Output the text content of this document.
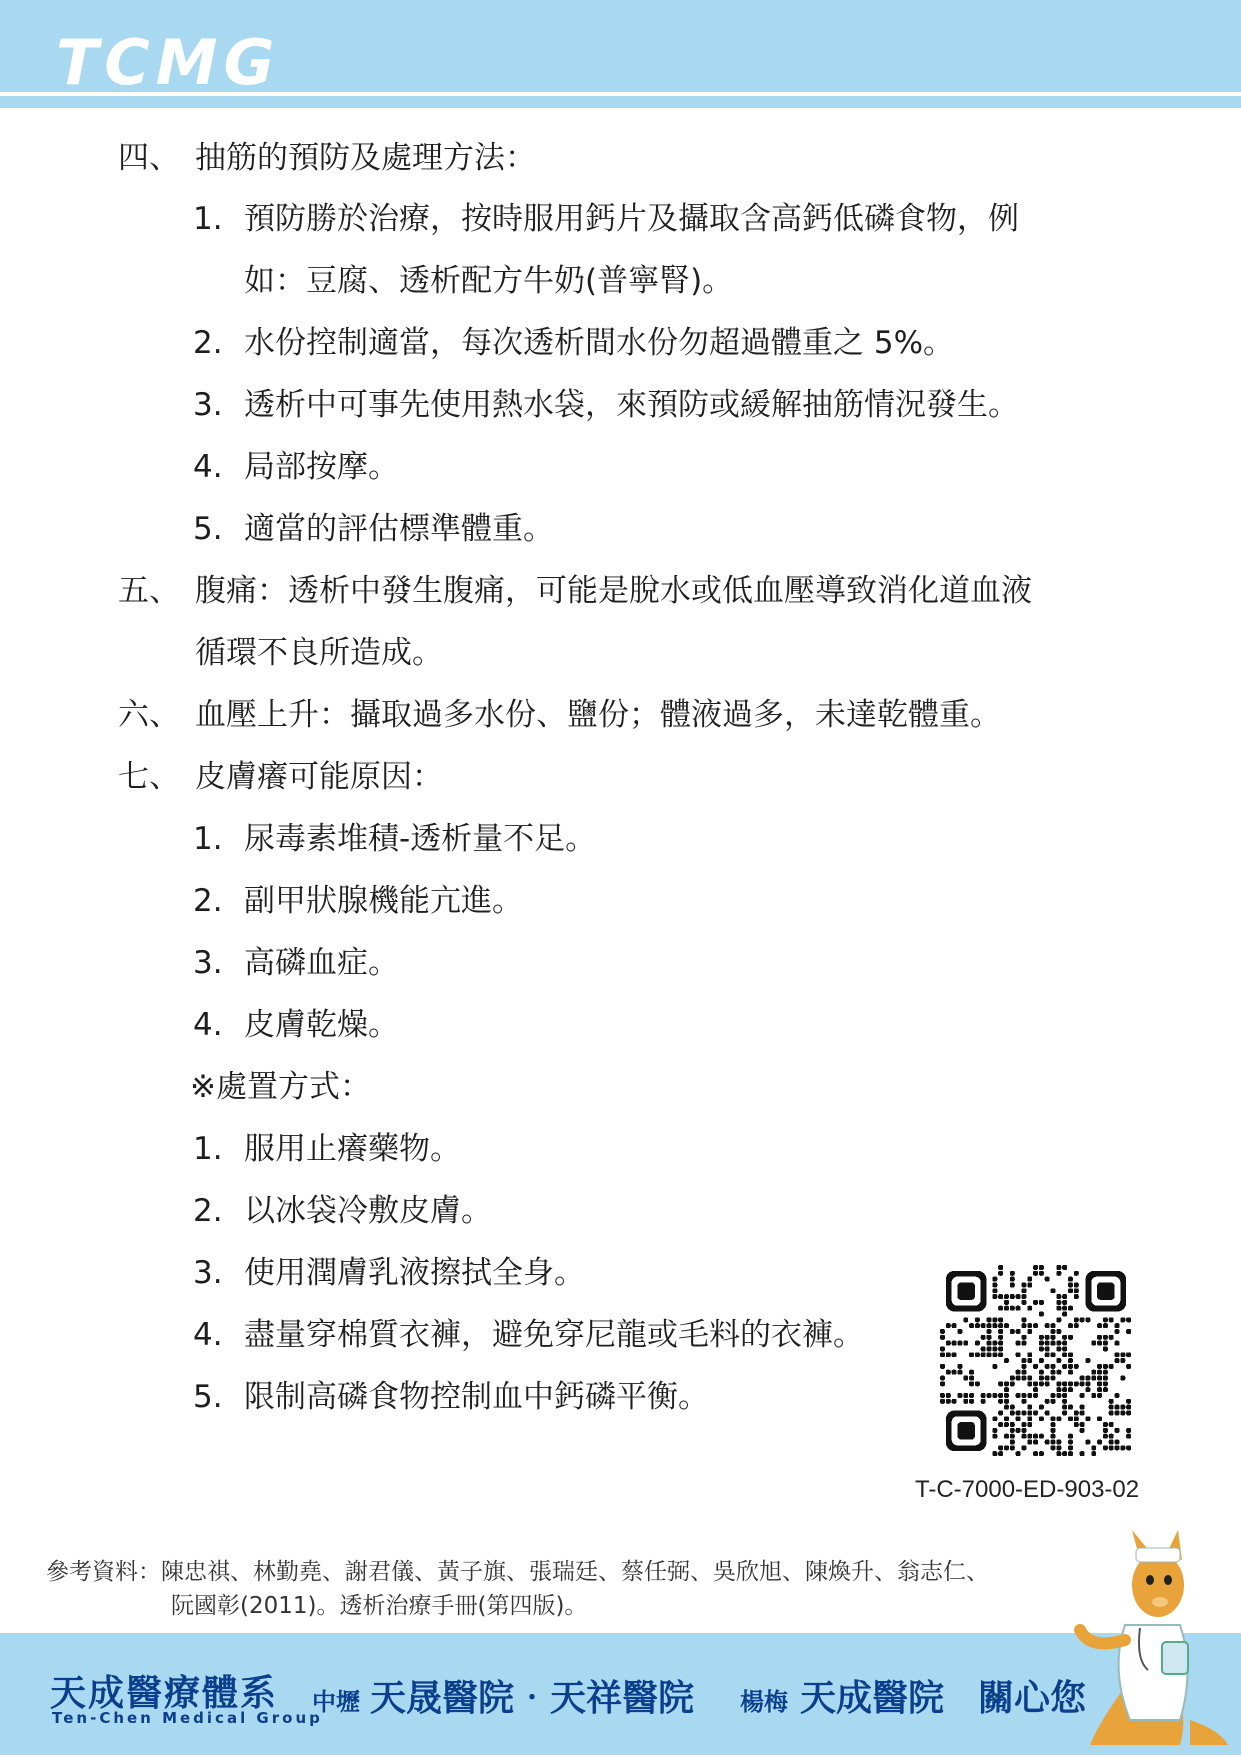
TCMG
四、 抽筋的預防及處理方法：
1. 預防勝於治療，按時服用鈣片及攝取含高鈣低磷食物，例
如：豆腐、透析配方牛奶(普寧腎)。
2. 水份控制適當，每次透析間水份勿超過體重之 5%。
3. 透析中可事先使用熱水袋，來預防或緩解抽筋情況發生。
4. 局部按摩。
5. 適當的評估標準體重。
五、 腹痛：透析中發生腹痛，可能是脫水或低血壓導致消化道血液
循環不良所造成。
六、 血壓上升：攝取過多水份、鹽份；體液過多，未達乾體重。
七、 皮膚癢可能原因：
1. 尿毒素堆積-透析量不足。
2. 副甲狀腺機能亢進。
3. 高磷血症。
4. 皮膚乾燥。
※處置方式：
1. 服用止癢藥物。
2. 以冰袋冷敷皮膚。
3. 使用潤膚乳液擦拭全身。
4. 盡量穿棉質衣褲，避免穿尼龍或毛料的衣褲。
5. 限制高磷食物控制血中鈣磷平衡。
T-C-7000-ED-903-02
參考資料：陳忠祺、林勤堯、謝君儀、黃子旗、張瑞廷、蔡任弼、吳欣旭、陳煥升、翁志仁、
阮國彰(2011)。透析治療手冊(第四版)。
天成醫療體系
Ten-Chen Medical Group
中壢 天晟醫院‧天祥醫院 楊梅 天成醫院 關心您
